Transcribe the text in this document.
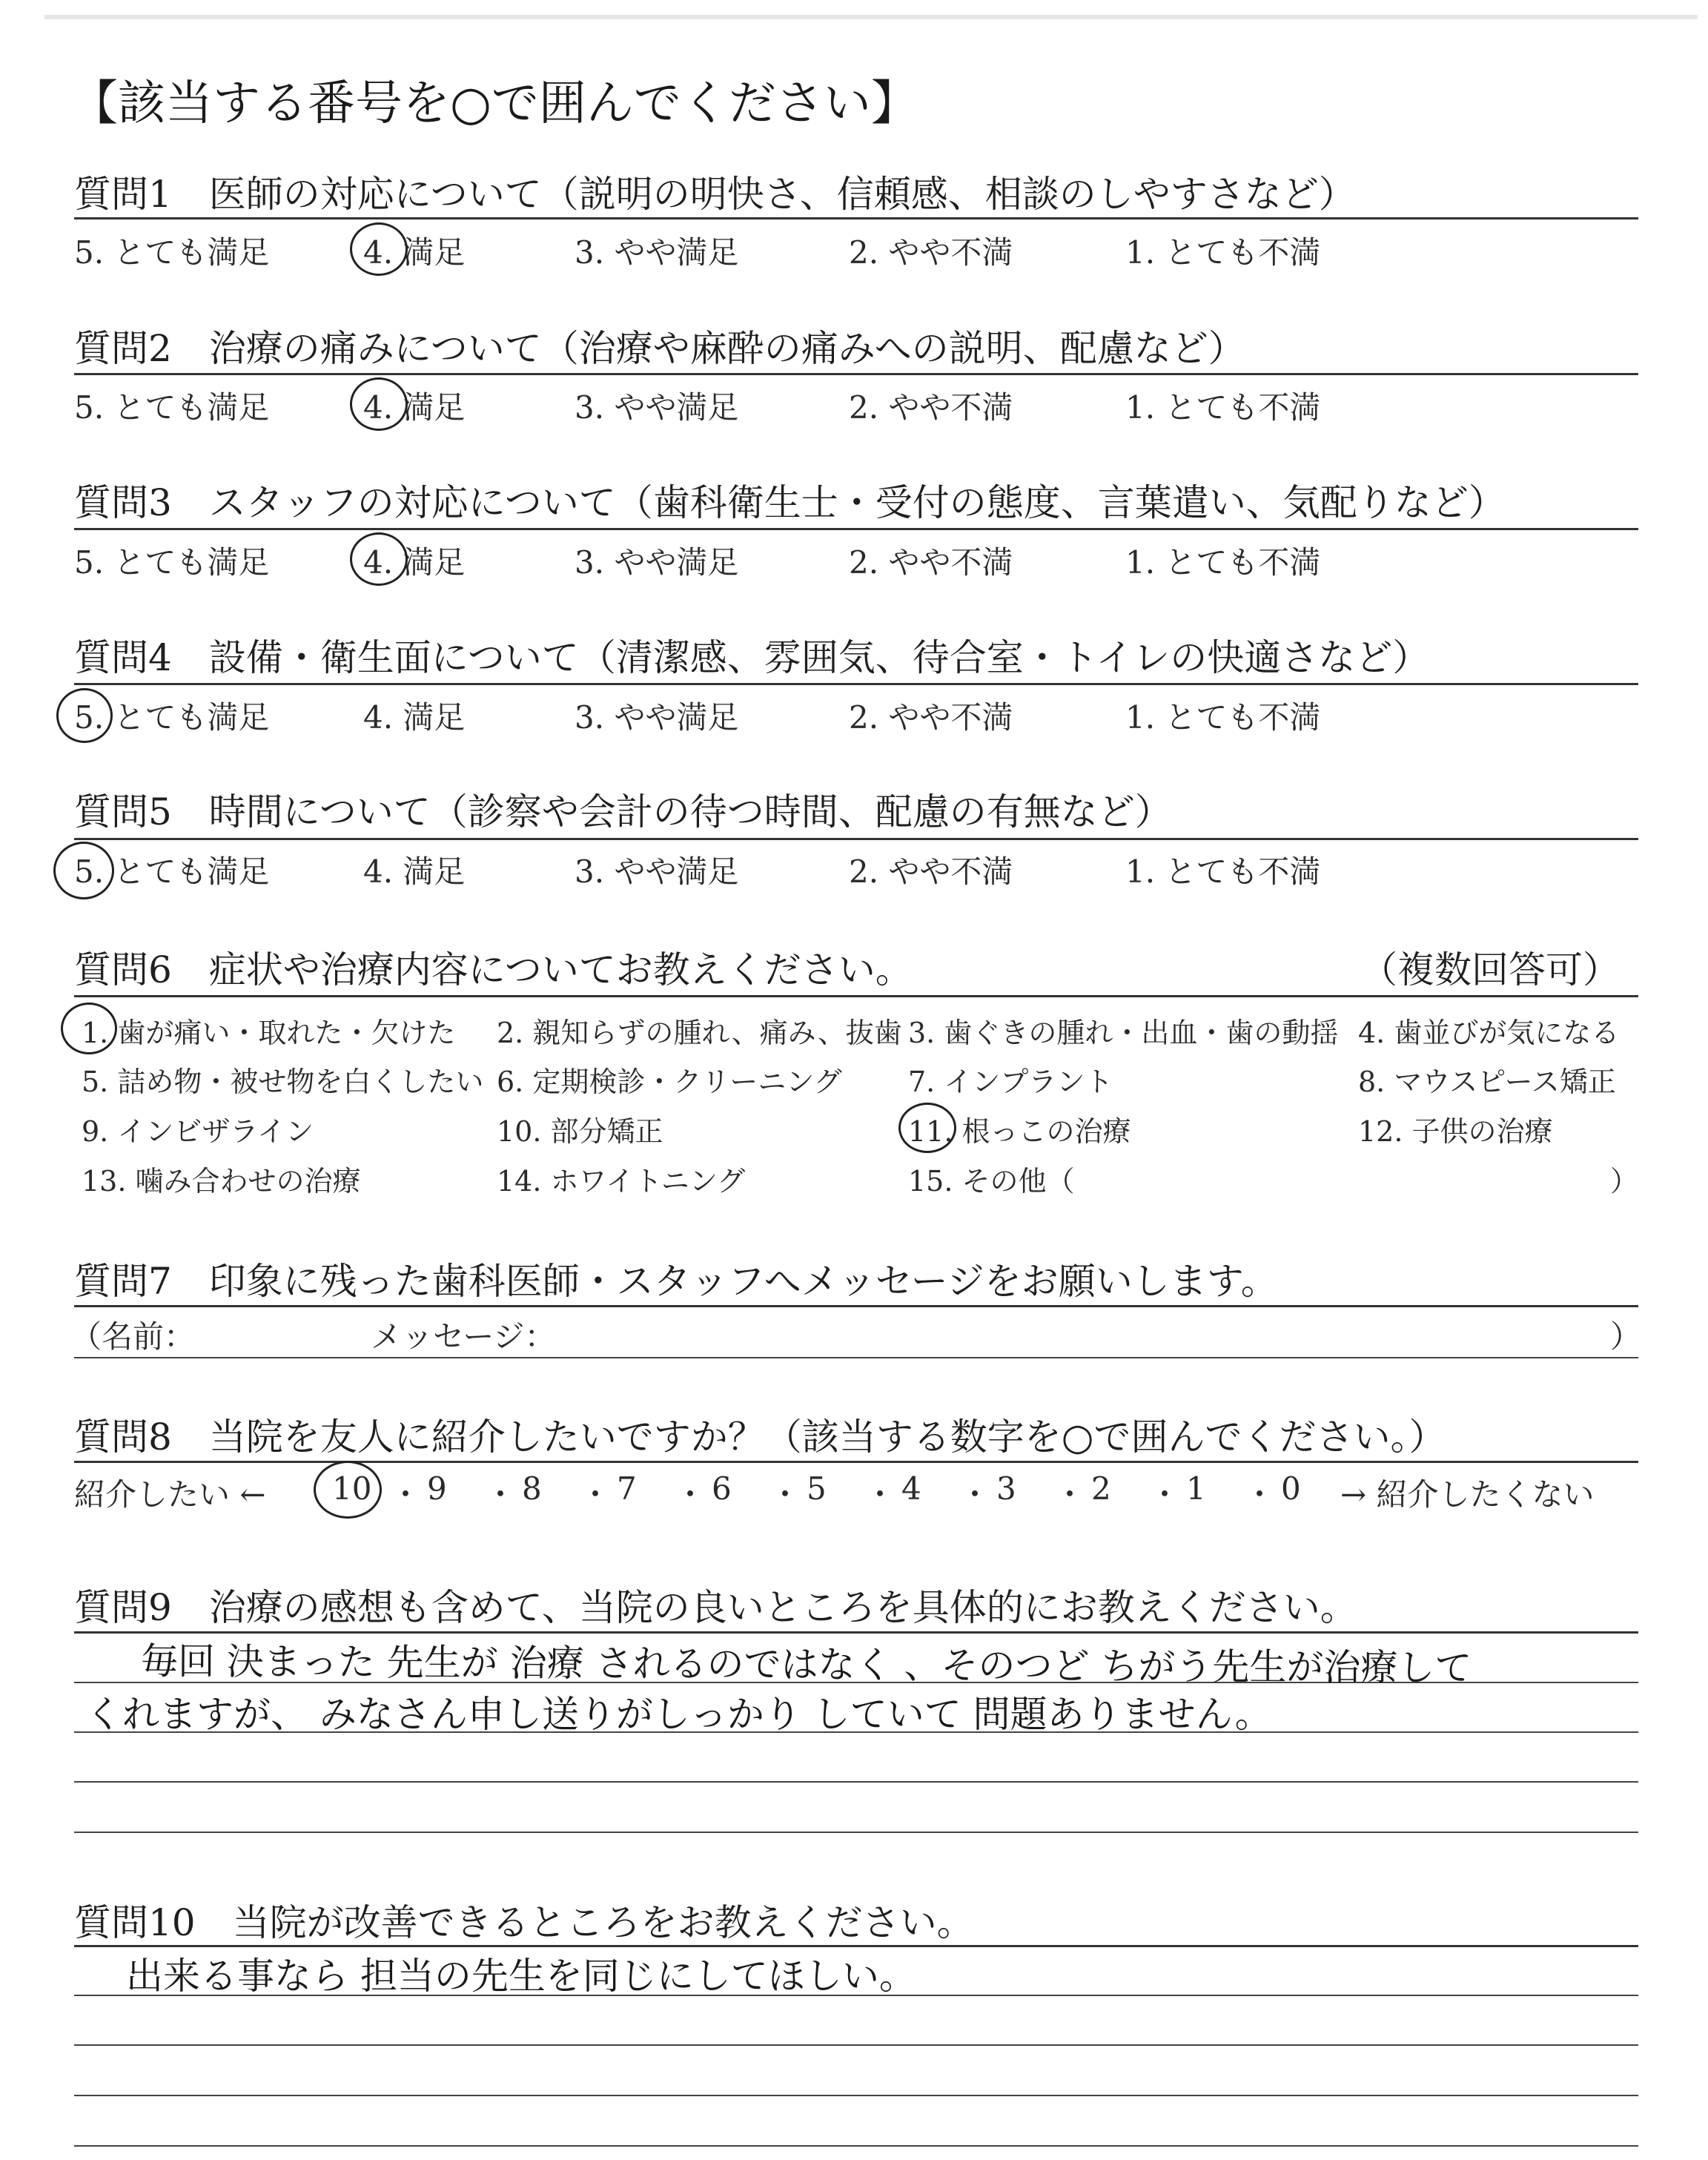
【該当する番号を○で囲んでください】
質問1　医師の対応について（説明の明快さ、信頼感、相談のしやすさなど）
5. とても満足	4. 満足	3. やや満足	2. やや不満	1. とても不満
質問2　治療の痛みについて（治療や麻酔の痛みへの説明、配慮など）
5. とても満足	4. 満足	3. やや満足	2. やや不満	1. とても不満
質問3　スタッフの対応について（歯科衛生士・受付の態度、言葉遣い、気配りなど）
5. とても満足	4. 満足	3. やや満足	2. やや不満	1. とても不満
質問4　設備・衛生面について（清潔感、雰囲気、待合室・トイレの快適さなど）
5. とても満足	4. 満足	3. やや満足	2. やや不満	1. とても不満
質問5　時間について（診察や会計の待つ時間、配慮の有無など）
5. とても満足	4. 満足	3. やや満足	2. やや不満	1. とても不満
質問6　症状や治療内容についてお教えください。	（複数回答可）
1. 歯が痛い・取れた・欠けた 2. 親知らずの腫れ、痛み、抜歯 3. 歯ぐきの腫れ・出血・歯の動揺 4. 歯並びが気になる
5. 詰め物・被せ物を白くしたい 6. 定期検診・クリーニング 7. インプラント	8. マウスピース矯正
9. インビザライン	10. 部分矯正	11. 根っこの治療	12. 子供の治療
13. 噛み合わせの治療	14. ホワイトニング	15. その他（	）
質問7　印象に残った歯科医師・スタッフへメッセージをお願いします。
（名前：	メッセージ：	）
質問8　当院を友人に紹介したいですか？（該当する数字を○で囲んでください。）
紹介したい ← 10 ・ 9 ・ 8 ・ 7 ・ 6 ・ 5 ・ 4 ・ 3 ・ 2 ・ 1 ・ 0 → 紹介したくない
質問9　治療の感想も含めて、当院の良いところを具体的にお教えください。
毎回 決まった 先生が 治療 されるのではなく 、そのつど ちがう先生が治療して
くれますが、 みなさん申し送りがしっかり していて 問題ありません。
質問10　当院が改善できるところをお教えください。
出来る事なら 担当の先生を同じにしてほしい。
